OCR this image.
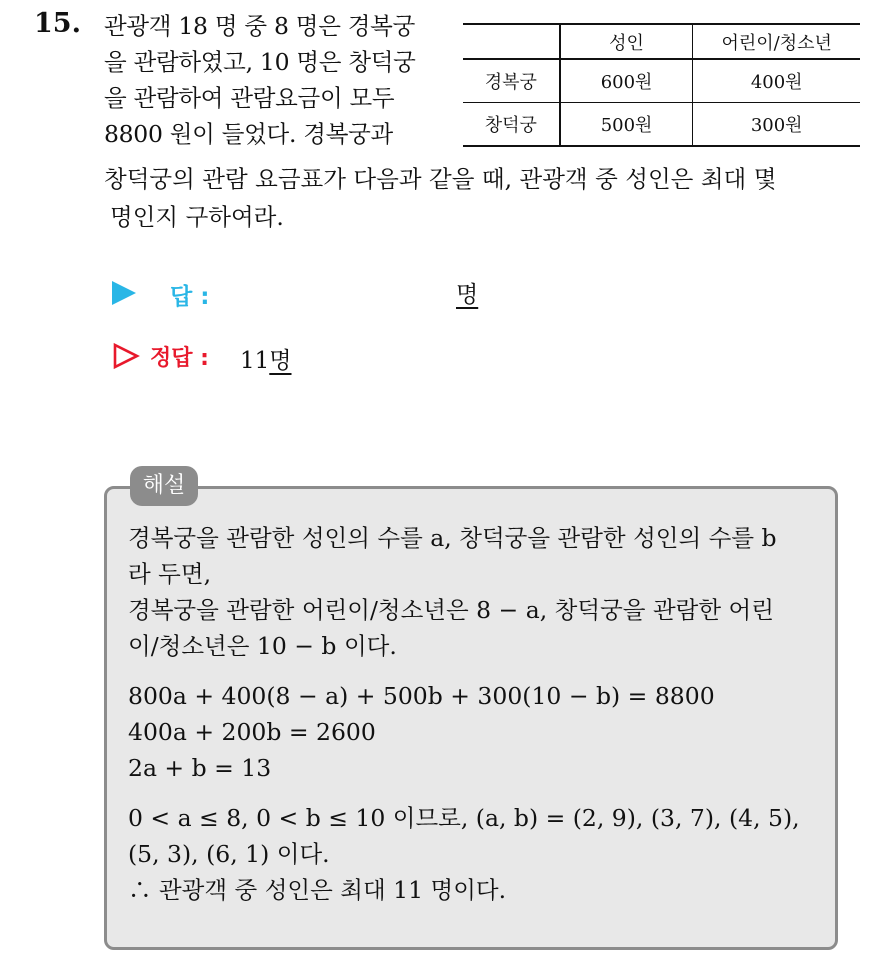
15. 관광객 18 명 중 8 명은 경복궁
을 관람하였고, 10 명은 창덕궁
을 관람하여 관람요금이 모두
8800 원이 들었다. 경복궁과
	성인	어린이/청소년
경복궁	600원	400원
창덕궁	500원	300원
창덕궁의 관람 요금표가 다음과 같을 때, 관광객 중 성인은 최대 몇
명인지 구하여라.
답 :	명
정답 : 11명
해설
경복궁을 관람한 성인의 수를 a, 창덕궁을 관람한 성인의 수를 b
라 두면,
경복궁을 관람한 어린이/청소년은 8 − a, 창덕궁을 관람한 어린
이/청소년은 10 − b 이다.
800a + 400(8 − a) + 500b + 300(10 − b) = 8800
400a + 200b = 2600
2a + b = 13
0 < a ≤ 8, 0 < b ≤ 10 이므로, (a, b) = (2, 9), (3, 7), (4, 5),
(5, 3), (6, 1) 이다.
∴ 관광객 중 성인은 최대 11 명이다.
